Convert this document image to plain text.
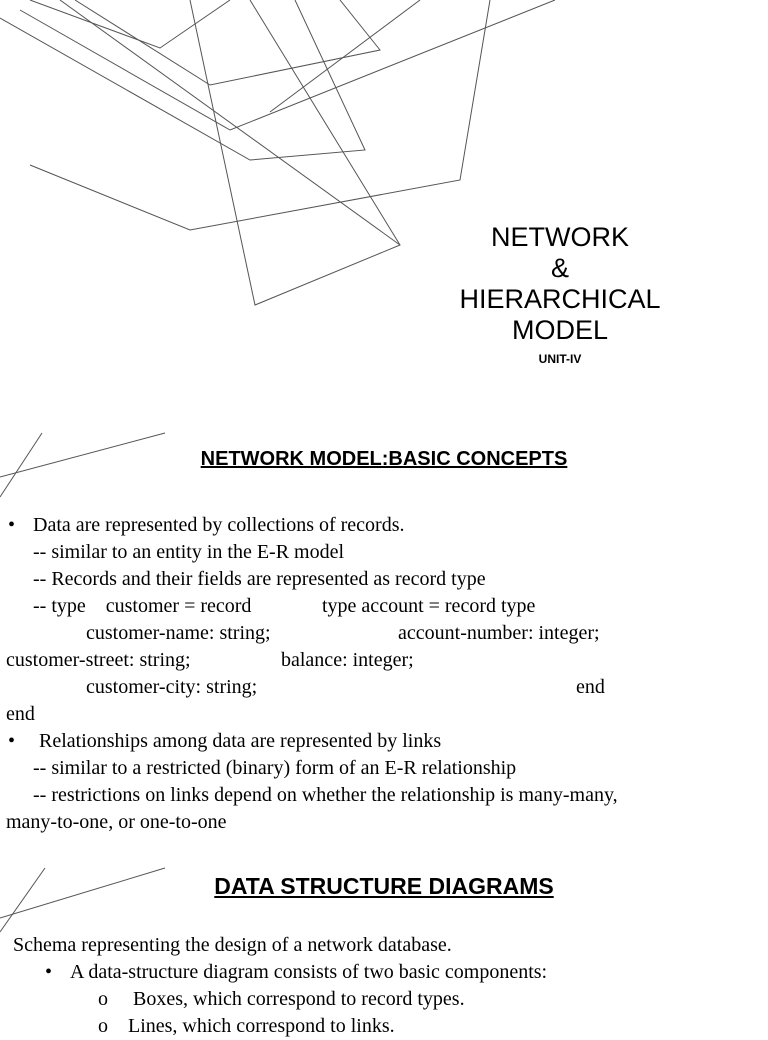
NETWORK
&
HIERARCHICAL
MODEL
UNIT-IV
NETWORK MODEL:BASIC CONCEPTS
• Data are represented by collections of records.
-- similar to an entity in the E-R model
-- Records and their fields are represented as record type
-- type    customer = record	type account = record type
customer-name: string;	account-number: integer;
customer-street: string;	balance: integer;
customer-city: string;	end
end
• Relationships among data are represented by links
-- similar to a restricted (binary) form of an E-R relationship
-- restrictions on links depend on whether the relationship is many-many,
many-to-one, or one-to-one
DATA STRUCTURE DIAGRAMS
Schema representing the design of a network database.
• A data-structure diagram consists of two basic components:
o Boxes, which correspond to record types.
o Lines, which correspond to links.
